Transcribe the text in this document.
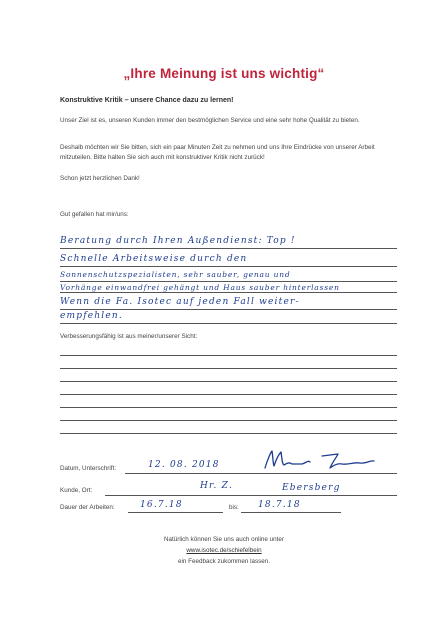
„Ihre Meinung ist uns wichtig“
Konstruktive Kritik – unsere Chance dazu zu lernen!
Unser Ziel ist es, unseren Kunden immer den bestmöglichen Service und eine sehr hohe Qualität zu bieten.
Deshalb möchten wir Sie bitten, sich ein paar Minuten Zeit zu nehmen und uns Ihre Eindrücke von unserer Arbeit mitzuteilen. Bitte halten Sie sich auch mit konstruktiver Kritik nicht zurück!
Schon jetzt herzlichen Dank!
Gut gefallen hat mir/uns:
Beratung durch Ihren Außendienst: Top !
Schnelle Arbeitsweise durch den
Sonnenschutzspezialisten, sehr sauber, genau und
Vorhänge einwandfrei gehängt und Haus sauber hinterlassen
Wenn die Fa. Isotec auf jeden Fall weiter-
empfehlen.
Verbesserungsfähig ist aus meiner/unserer Sicht:
Datum, Unterschrift:	12. 08. 2018
Kunde, Ort:	Hr. Z.	Ebersberg
Dauer der Arbeiten:	16.7.18	bis: 18.7.18
Natürlich können Sie uns auch online unter
www.isotec.de/schiefelbein
ein Feedback zukommen lassen.
